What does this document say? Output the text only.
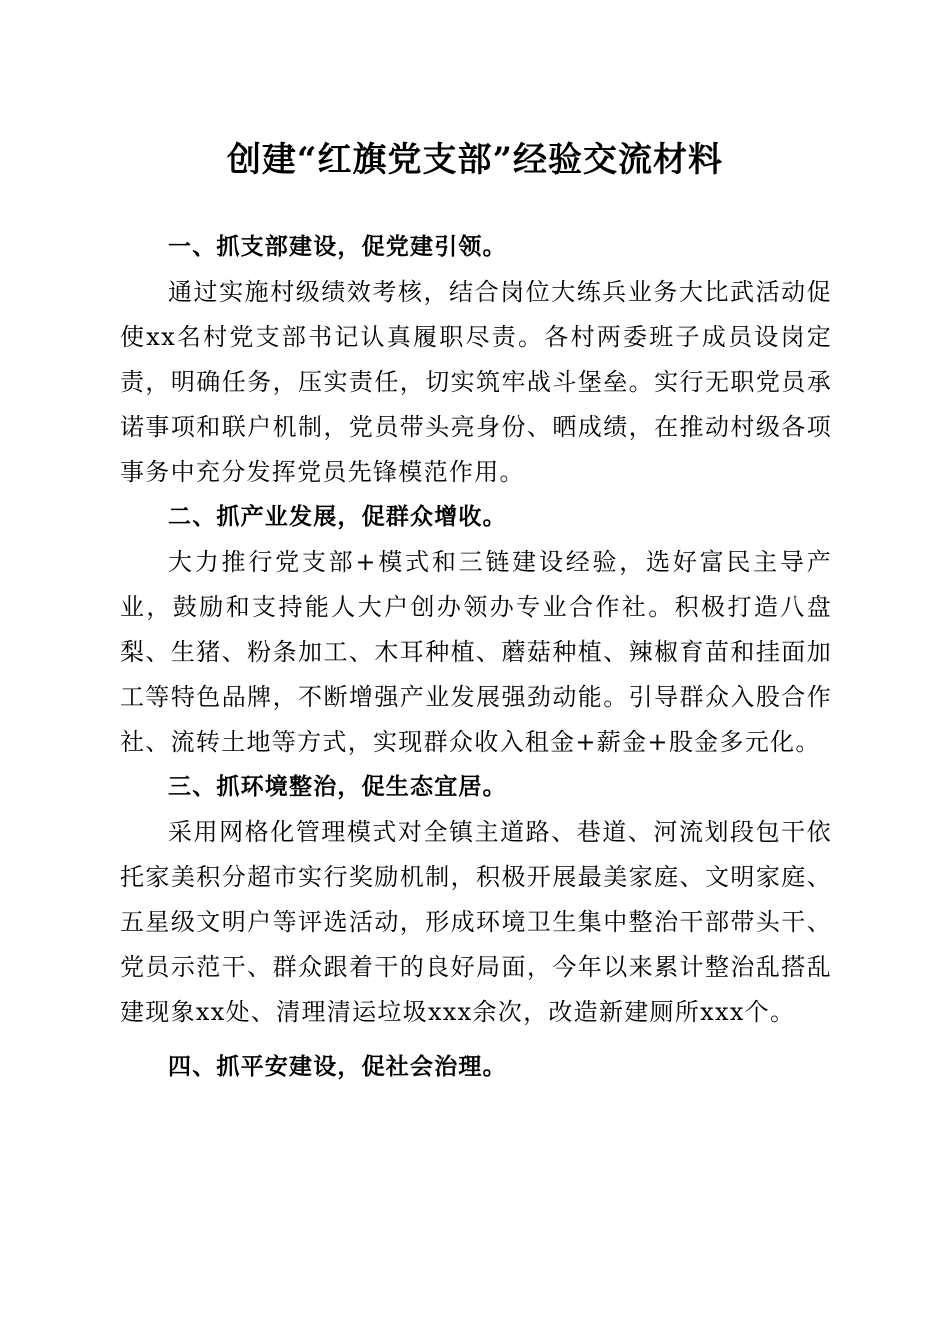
创建“红旗党支部”经验交流材料

一、抓支部建设，促党建引领。

通过实施村级绩效考核，结合岗位大练兵业务大比武活动促使xx名村党支部书记认真履职尽责。各村两委班子成员设岗定责，明确任务，压实责任，切实筑牢战斗堡垒。实行无职党员承诺事项和联户机制，党员带头亮身份、晒成绩，在推动村级各项事务中充分发挥党员先锋模范作用。

二、抓产业发展，促群众增收。

大力推行党支部+模式和三链建设经验，选好富民主导产业，鼓励和支持能人大户创办领办专业合作社。积极打造八盘梨、生猪、粉条加工、木耳种植、蘑菇种植、辣椒育苗和挂面加工等特色品牌，不断增强产业发展强劲动能。引导群众入股合作社、流转土地等方式，实现群众收入租金+薪金+股金多元化。

三、抓环境整治，促生态宜居。

采用网格化管理模式对全镇主道路、巷道、河流划段包干依托家美积分超市实行奖励机制，积极开展最美家庭、文明家庭、五星级文明户等评选活动，形成环境卫生集中整治干部带头干、党员示范干、群众跟着干的良好局面，今年以来累计整治乱搭乱建现象xx处、清理清运垃圾xxx余次，改造新建厕所xxx个。

四、抓平安建设，促社会治理。
